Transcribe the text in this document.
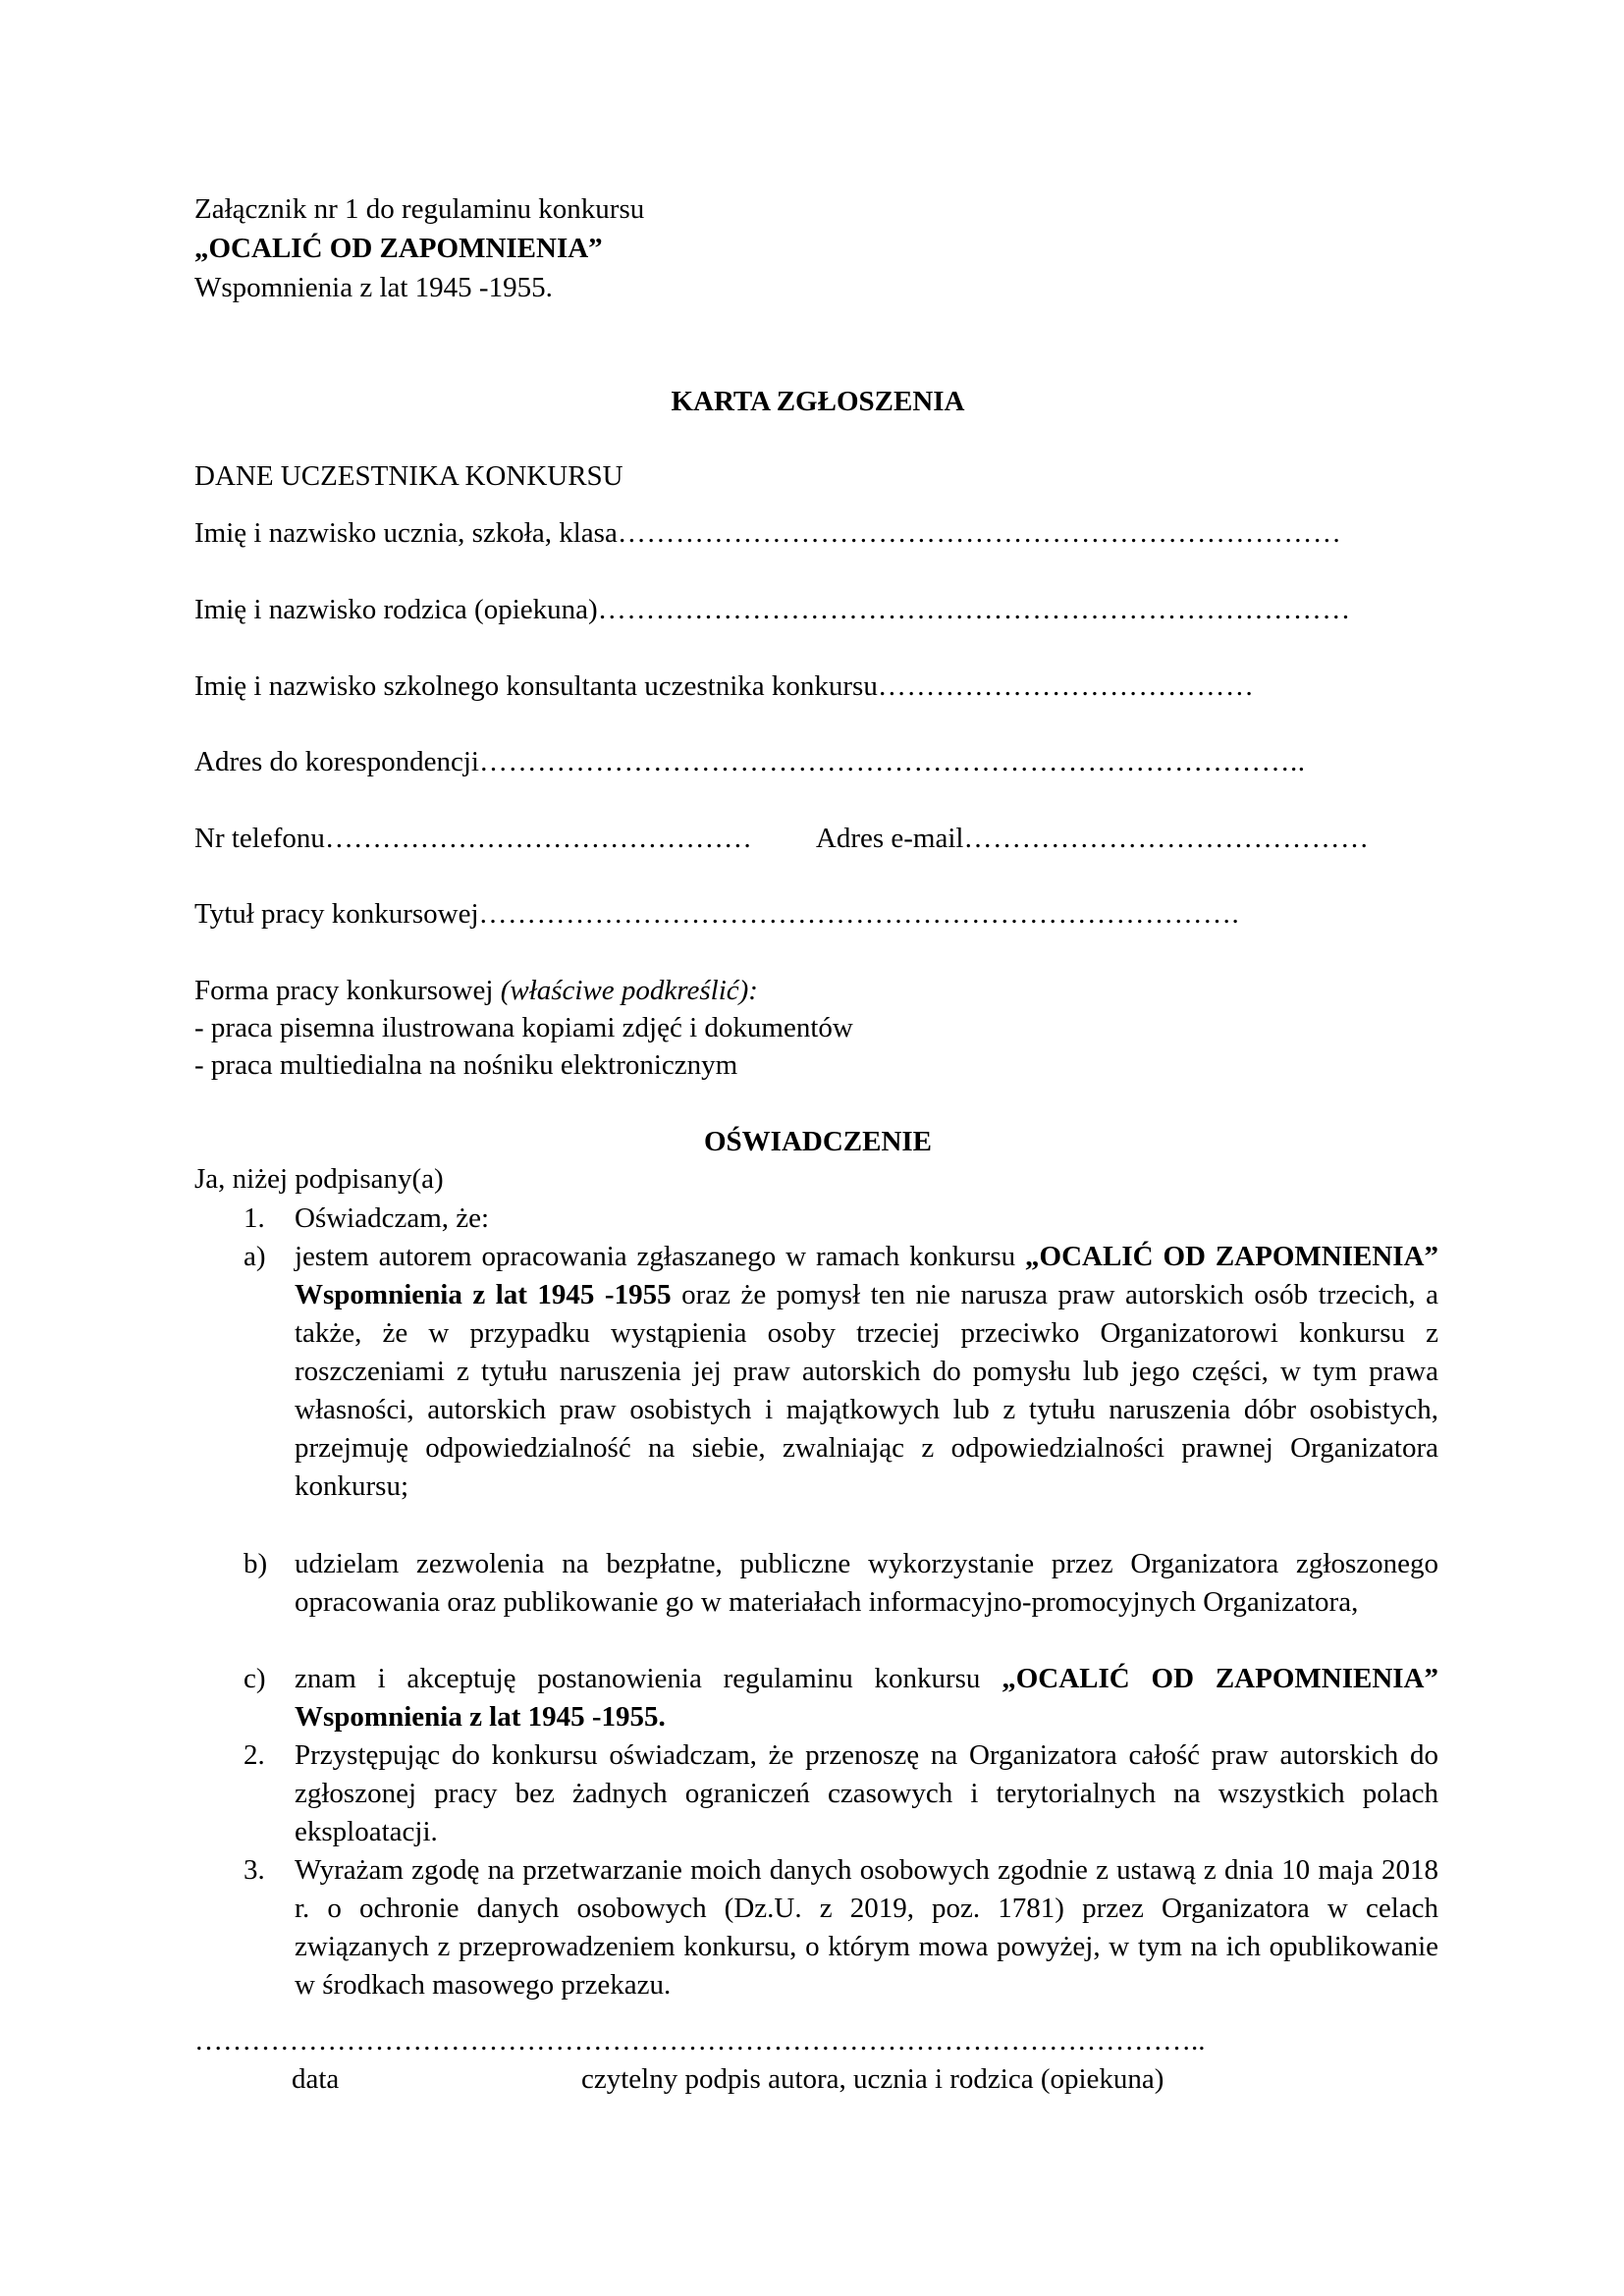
Załącznik nr 1 do regulaminu konkursu
„OCALIĆ OD ZAPOMNIENIA”
Wspomnienia z lat 1945 -1955.
KARTA ZGŁOSZENIA
DANE UCZESTNIKA KONKURSU
Imię i nazwisko ucznia, szkoła, klasa …………………………………………………………………
Imię i nazwisko rodzica (opiekuna) ……………………………………………………………………
Imię i nazwisko szkolnego konsultanta uczestnika konkursu …………………………………
Adres do korespondencji …………………………………………………………………………..
Nr telefonu ………………………………………	Adres e-mail ……………………………………
Tytuł pracy konkursowej …………………………………………………………………….
Forma pracy konkursowej (właściwe podkreślić):
- praca pisemna ilustrowana kopiami zdjęć i dokumentów
- praca multiedialna na nośniku elektronicznym
OŚWIADCZENIE
Ja, niżej podpisany(a)
1. Oświadczam, że:
a) jestem autorem opracowania zgłaszanego w ramach konkursu „OCALIĆ OD ZAPOMNIENIA” Wspomnienia z lat 1945 -1955 oraz że pomysł ten nie narusza praw autorskich osób trzecich, a także, że w przypadku wystąpienia osoby trzeciej przeciwko Organizatorowi konkursu z roszczeniami z tytułu naruszenia jej praw autorskich do pomysłu lub jego części, w tym prawa własności, autorskich praw osobistych i majątkowych lub z tytułu naruszenia dóbr osobistych, przejmuję odpowiedzialność na siebie, zwalniając z odpowiedzialności prawnej Organizatora konkursu;
b) udzielam zezwolenia na bezpłatne, publiczne wykorzystanie przez Organizatora zgłoszonego opracowania oraz publikowanie go w materiałach informacyjno-promocyjnych Organizatora,
c) znam i akceptuję postanowienia regulaminu konkursu „OCALIĆ OD ZAPOMNIENIA” Wspomnienia z lat 1945 -1955.
2. Przystępując do konkursu oświadczam, że przenoszę na Organizatora całość praw autorskich do zgłoszonej pracy bez żadnych ograniczeń czasowych i terytorialnych na wszystkich polach eksploatacji.
3. Wyrażam zgodę na przetwarzanie moich danych osobowych zgodnie z ustawą z dnia 10 maja 2018 r. o ochronie danych osobowych (Dz.U. z 2019, poz. 1781) przez Organizatora w celach związanych z przeprowadzeniem konkursu, o którym mowa powyżej, w tym na ich opublikowanie w środkach masowego przekazu.
……………………………………………………………………………………………..
data	czytelny podpis autora, ucznia i rodzica (opiekuna)
